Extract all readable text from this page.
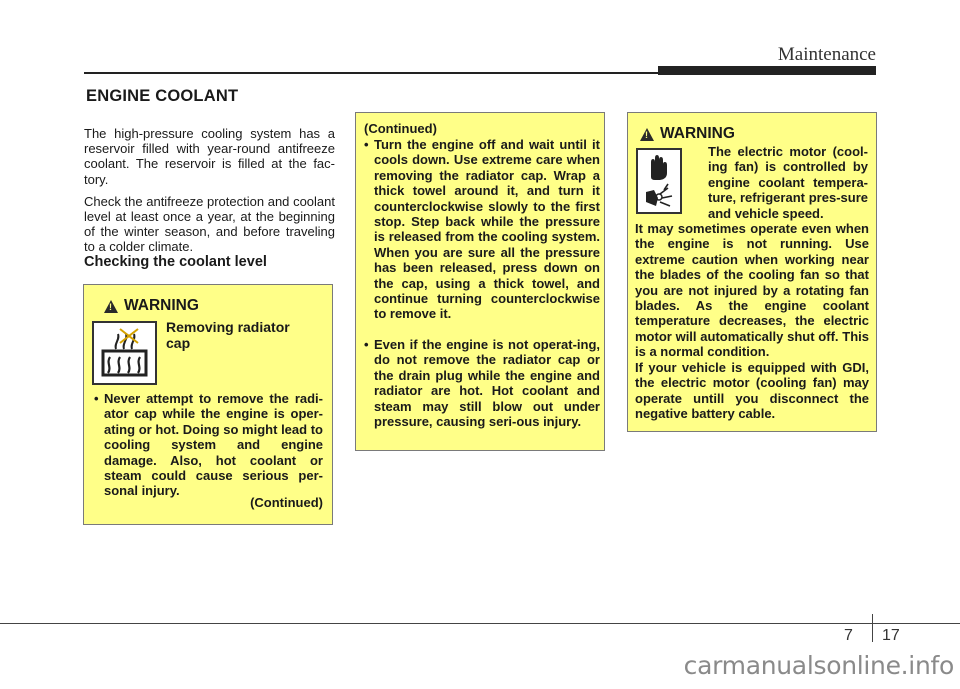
Maintenance
ENGINE COOLANT

The high-pressure cooling system has a reservoir filled with year-round antifreeze coolant. The reservoir is filled at the fac-tory.

Check the antifreeze protection and coolant level at least once a year, at the beginning of the winter season, and before traveling to a colder climate.

Checking the coolant level
!
WARNING
Removing radiator cap
• Never attempt to remove the radi-ator cap while the engine is oper-ating or hot. Doing so might lead to cooling system and engine damage. Also, hot coolant or steam could cause serious per-sonal injury.
(Continued)
(Continued)
• Turn the engine off and wait until it cools down. Use extreme care when removing the radiator cap. Wrap a thick towel around it, and turn it counterclockwise slowly to the first stop. Step back while the pressure is released from the cooling system. When you are sure all the pressure has been released, press down on the cap, using a thick towel, and continue turning counterclockwise to remove it.
• Even if the engine is not operat-ing, do not remove the radiator cap or the drain plug while the engine and radiator are hot. Hot coolant and steam may still blow out under pressure, causing seri-ous injury.
!
WARNING
The electric motor (cool-ing fan) is controlled by engine coolant tempera-ture, refrigerant pres-sure and vehicle speed.
It may sometimes operate even when the engine is not running. Use extreme caution when working near the blades of the cooling fan so that you are not injured by a rotating fan blades. As the engine coolant temperature decreases, the electric motor will automatically shut off. This is a normal condition.
If your vehicle is equipped with GDI, the electric motor (cooling fan) may operate untill you disconnect the negative battery cable.
7 17
carmanualsonline.info
